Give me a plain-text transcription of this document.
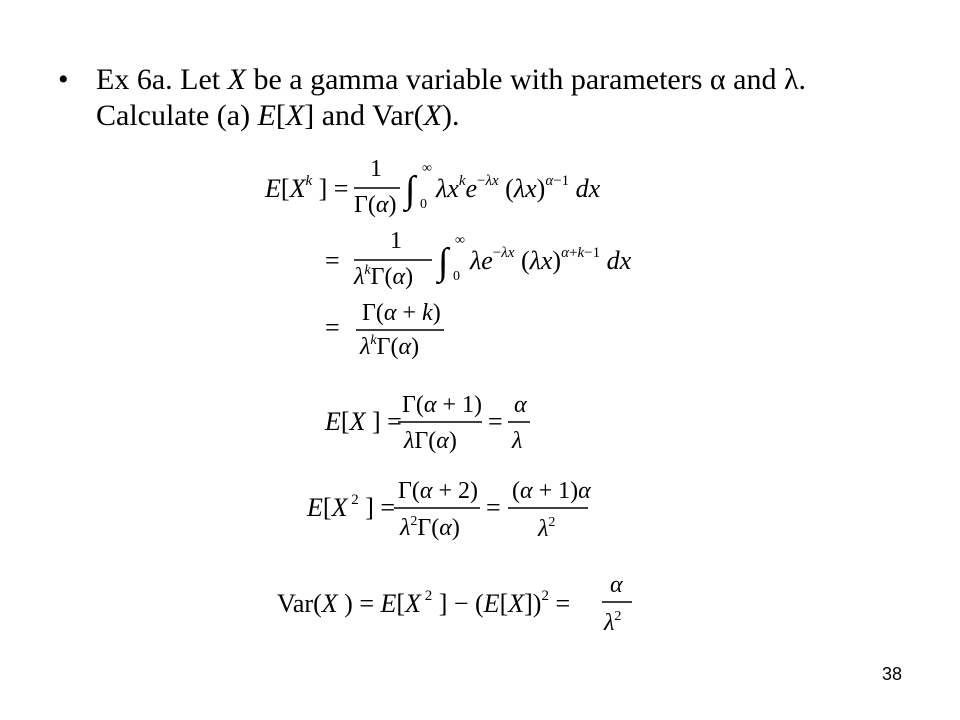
• Ex 6a. Let X be a gamma variable with parameters α and λ.
Calculate (a) E[X] and Var(X).
$E[X^k$ ] =
1
Γ(α) ∫
∞
0
$\lambda x^ke^-\lambda x$ $(\lambda x)^\alpha-1$ dx
=
1
$\lambda^k\Gamma(\alpha)$ ∫
∞
0
λe−λx $(\lambda x)^\alpha+k-1$ dx
= Γ(α + k)
$\lambda^k\Gamma(\alpha)$
E[X ] =
Γ(α + 1)
λΓ(α)
=
α
λ
E[X $^2$ ] =
Γ(α + 2)
$\lambda^2\Gamma(\alpha)$
=
(α + 1)α
$\lambda^2$
Var(X ) = E[X $^2$ ] − $(E[X])^2$ =
α
$\lambda^2$
38
